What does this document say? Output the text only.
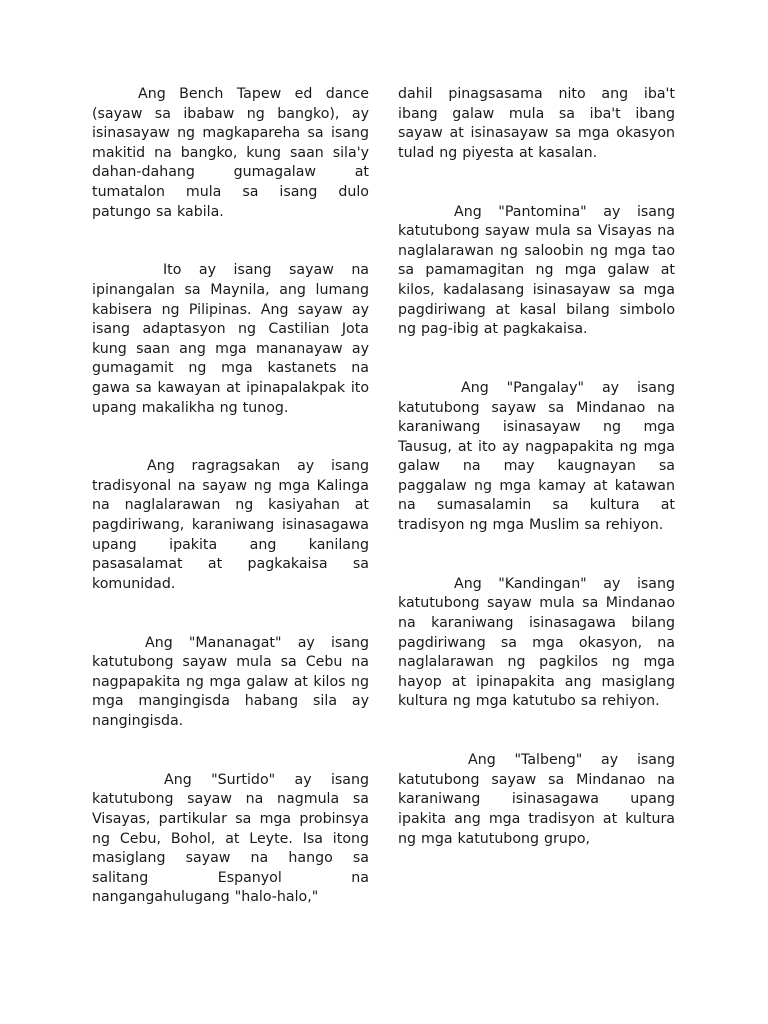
Ang Bench Tapew ed dance (sayaw sa ibabaw ng bangko), ay isinasayaw ng magkapareha sa isang makitid na bangko, kung saan sila'y dahan-dahang gumagalaw at tumatalon mula sa isang dulo patungo sa kabila.

Ito ay isang sayaw na ipinangalan sa Maynila, ang lumang kabisera ng Pilipinas. Ang sayaw ay isang adaptasyon ng Castilian Jota kung saan ang mga mananayaw ay gumagamit ng mga kastanets na gawa sa kawayan at ipinapalakpak ito upang makalikha ng tunog.

Ang ragragsakan ay isang tradisyonal na sayaw ng mga Kalinga na naglalarawan ng kasiyahan at pagdiriwang, karaniwang isinasagawa upang ipakita ang kanilang pasasalamat at pagkakaisa sa komunidad.

Ang "Mananagat" ay isang katutubong sayaw mula sa Cebu na nagpapakita ng mga galaw at kilos ng mga mangingisda habang sila ay nangingisda.

Ang "Surtido" ay isang katutubong sayaw na nagmula sa Visayas, partikular sa mga probinsya ng Cebu, Bohol, at Leyte. Isa itong masiglang sayaw na hango sa salitang Espanyol na nangangahulugang "halo-halo,"

dahil pinagsasama nito ang iba't ibang galaw mula sa iba't ibang sayaw at isinasayaw sa mga okasyon tulad ng piyesta at kasalan.

Ang "Pantomina" ay isang katutubong sayaw mula sa Visayas na naglalarawan ng saloobin ng mga tao sa pamamagitan ng mga galaw at kilos, kadalasang isinasayaw sa mga pagdiriwang at kasal bilang simbolo ng pag-ibig at pagkakaisa.

Ang "Pangalay" ay isang katutubong sayaw sa Mindanao na karaniwang isinasayaw ng mga Tausug, at ito ay nagpapakita ng mga galaw na may kaugnayan sa paggalaw ng mga kamay at katawan na sumasalamin sa kultura at tradisyon ng mga Muslim sa rehiyon.

Ang "Kandingan" ay isang katutubong sayaw mula sa Mindanao na karaniwang isinasagawa bilang pagdiriwang sa mga okasyon, na naglalarawan ng pagkilos ng mga hayop at ipinapakita ang masiglang kultura ng mga katutubo sa rehiyon.

Ang "Talbeng" ay isang katutubong sayaw sa Mindanao na karaniwang isinasagawa upang ipakita ang mga tradisyon at kultura ng mga katutubong grupo,
